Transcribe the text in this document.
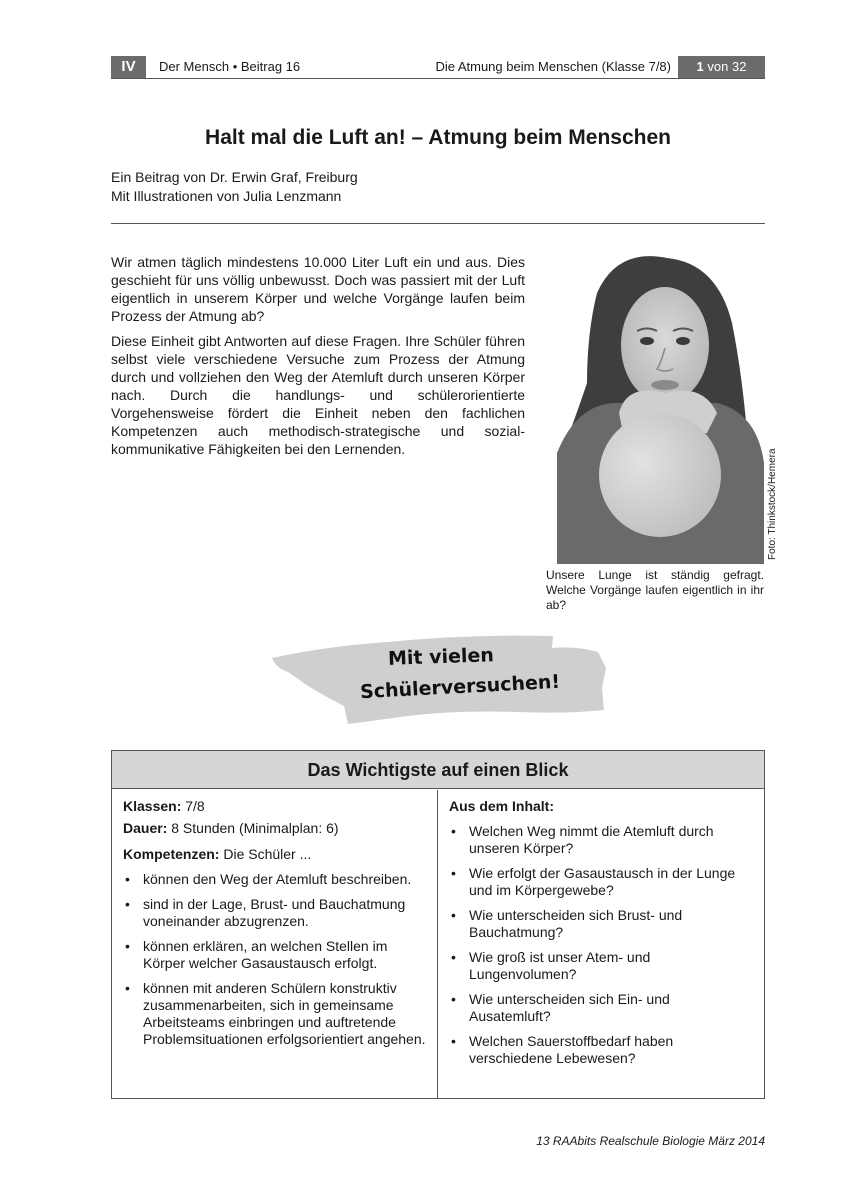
IV	Der Mensch • Beitrag 16	Die Atmung beim Menschen (Klasse 7/8)	1 von 32
Halt mal die Luft an! – Atmung beim Menschen
Ein Beitrag von Dr. Erwin Graf, Freiburg
Mit Illustrationen von Julia Lenzmann

Wir atmen täglich mindestens 10.000 Liter Luft ein und aus. Dies geschieht für uns völlig unbewusst. Doch was passiert mit der Luft eigentlich in unserem Körper und welche Vorgänge laufen beim Prozess der Atmung ab?

Diese Einheit gibt Antworten auf diese Fragen. Ihre Schüler führen selbst viele verschiedene Versuche zum Prozess der Atmung durch und vollziehen den Weg der Atemluft durch unseren Körper nach. Durch die handlungs- und schülerorientierte Vorgehensweise fördert die Einheit neben den fachlichen Kompetenzen auch methodisch-strategische und sozial-kommunikative Fähigkeiten bei den Lernenden.	Foto: Thinkstock/Hemera
Unsere Lunge ist ständig gefragt. Welche Vorgänge laufen eigentlich in ihr ab?
Mit vielen
Schülerversuchen!
Das Wichtigste auf einen Blick
Klassen: 7/8
Dauer: 8 Stunden (Minimalplan: 6)
Kompetenzen: Die Schüler ...
• können den Weg der Atemluft beschreiben.
• sind in der Lage, Brust- und Bauchatmung voneinander abzugrenzen.
• können erklären, an welchen Stellen im Körper welcher Gasaustausch erfolgt.
• können mit anderen Schülern konstruktiv zusammenarbeiten, sich in gemeinsame Arbeitsteams einbringen und auftretende Problemsituationen erfolgsorientiert angehen.
Aus dem Inhalt:
• Welchen Weg nimmt die Atemluft durch unseren Körper?
• Wie erfolgt der Gasaustausch in der Lunge und im Körpergewebe?
• Wie unterscheiden sich Brust- und Bauchatmung?
• Wie groß ist unser Atem- und Lungenvolumen?
• Wie unterscheiden sich Ein- und Ausatemluft?
• Welchen Sauerstoffbedarf haben verschiedene Lebewesen?
13 RAAbits Realschule Biologie März 2014
